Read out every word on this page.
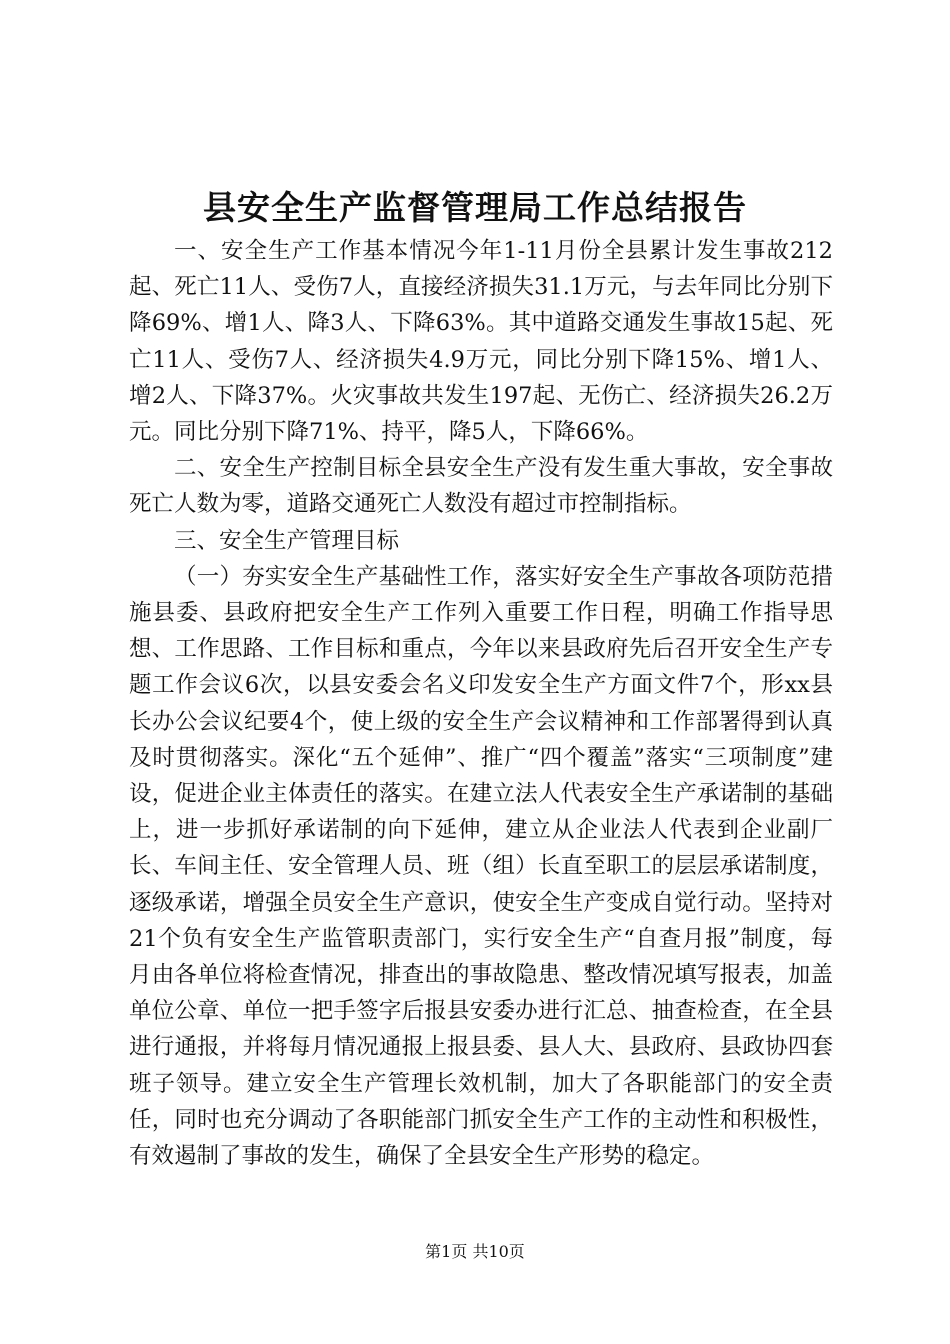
县安全生产监督管理局工作总结报告

一、安全生产工作基本情况今年1-11月份全县累计发生事故212起、死亡11人、受伤7人，直接经济损失31.1万元，与去年同比分别下降69%、增1人、降3人、下降63%。其中道路交通发生事故15起、死亡11人、受伤7人、经济损失4.9万元，同比分别下降15%、增1人、增2人、下降37%。火灾事故共发生197起、无伤亡、经济损失26.2万元。同比分别下降71%、持平，降5人，下降66%。

二、安全生产控制目标全县安全生产没有发生重大事故，安全事故死亡人数为零，道路交通死亡人数没有超过市控制指标。

三、安全生产管理目标

（一）夯实安全生产基础性工作，落实好安全生产事故各项防范措施县委、县政府把安全生产工作列入重要工作日程，明确工作指导思想、工作思路、工作目标和重点，今年以来县政府先后召开安全生产专题工作会议6次，以县安委会名义印发安全生产方面文件7个，形xx县长办公会议纪要4个，使上级的安全生产会议精神和工作部署得到认真及时贯彻落实。深化“五个延伸”、推广“四个覆盖”落实“三项制度”建设，促进企业主体责任的落实。在建立法人代表安全生产承诺制的基础上，进一步抓好承诺制的向下延伸，建立从企业法人代表到企业副厂长、车间主任、安全管理人员、班（组）长直至职工的层层承诺制度，逐级承诺，增强全员安全生产意识，使安全生产变成自觉行动。坚持对21个负有安全生产监管职责部门，实行安全生产“自查月报”制度，每月由各单位将检查情况，排查出的事故隐患、整改情况填写报表，加盖单位公章、单位一把手签字后报县安委办进行汇总、抽查检查，在全县进行通报，并将每月情况通报上报县委、县人大、县政府、县政协四套班子领导。建立安全生产管理长效机制，加大了各职能部门的安全责任，同时也充分调动了各职能部门抓安全生产工作的主动性和积极性，有效遏制了事故的发生，确保了全县安全生产形势的稳定。

第1页 共10页
